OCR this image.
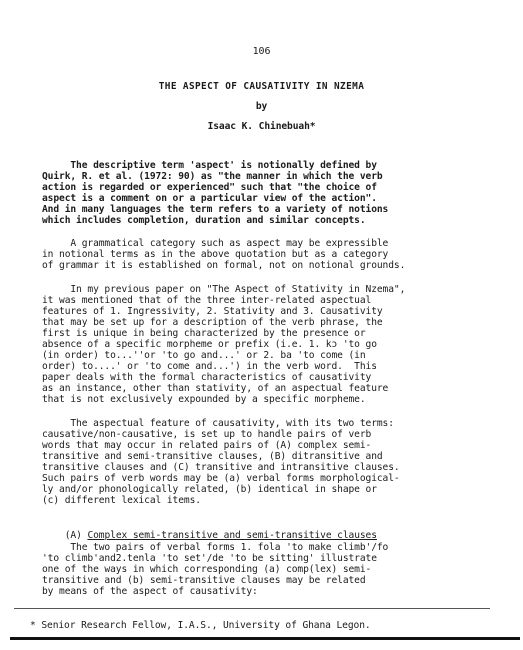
106
THE ASPECT OF CAUSATIVITY IN NZEMA
by
Isaac K. Chinebuah*
The descriptive term 'aspect' is notionally defined by
Quirk, R. et al. (1972: 90) as "the manner in which the verb
action is regarded or experienced" such that "the choice of
aspect is a comment on or a particular view of the action".
And in many languages the term refers to a variety of notions
which includes completion, duration and similar concepts.
A grammatical category such as aspect may be expressible
in notional terms as in the above quotation but as a category
of grammar it is established on formal, not on notional grounds.
In my previous paper on "The Aspect of Stativity in Nzema",
it was mentioned that of the three inter-related aspectual
features of 1. Ingressivity, 2. Stativity and 3. Causativity
that may be set up for a description of the verb phrase, the
first is unique in being characterized by the presence or
absence of a specific morpheme or prefix (i.e. 1. kɔ 'to go
(in order) to...''or 'to go and...' or 2. ba 'to come (in
order) to....' or 'to come and...') in the verb word.  This
paper deals with the formal characteristics of causativity
as an instance, other than stativity, of an aspectual feature
that is not exclusively expounded by a specific morpheme.
The aspectual feature of causativity, with its two terms:
causative/non-causative, is set up to handle pairs of verb
words that may occur in related pairs of (A) complex semi-
transitive and semi-transitive clauses, (B) ditransitive and
transitive clauses and (C) transitive and intransitive clauses.
Such pairs of verb words may be (a) verbal forms morphological-
ly and/or phonologically related, (b) identical in shape or
(c) different lexical items.

(A) Complex semi-transitive and semi-transitive clauses

The two pairs of verbal forms 1. fola 'to make climb'/fo
'to climb'and2.tenla 'to set'/de 'to be sitting' illustrate
one of the ways in which corresponding (a) comp(lex) semi-
transitive and (b) semi-transitive clauses may be related
by means of the aspect of causativity:
* Senior Research Fellow, I.A.S., University of Ghana Legon.
